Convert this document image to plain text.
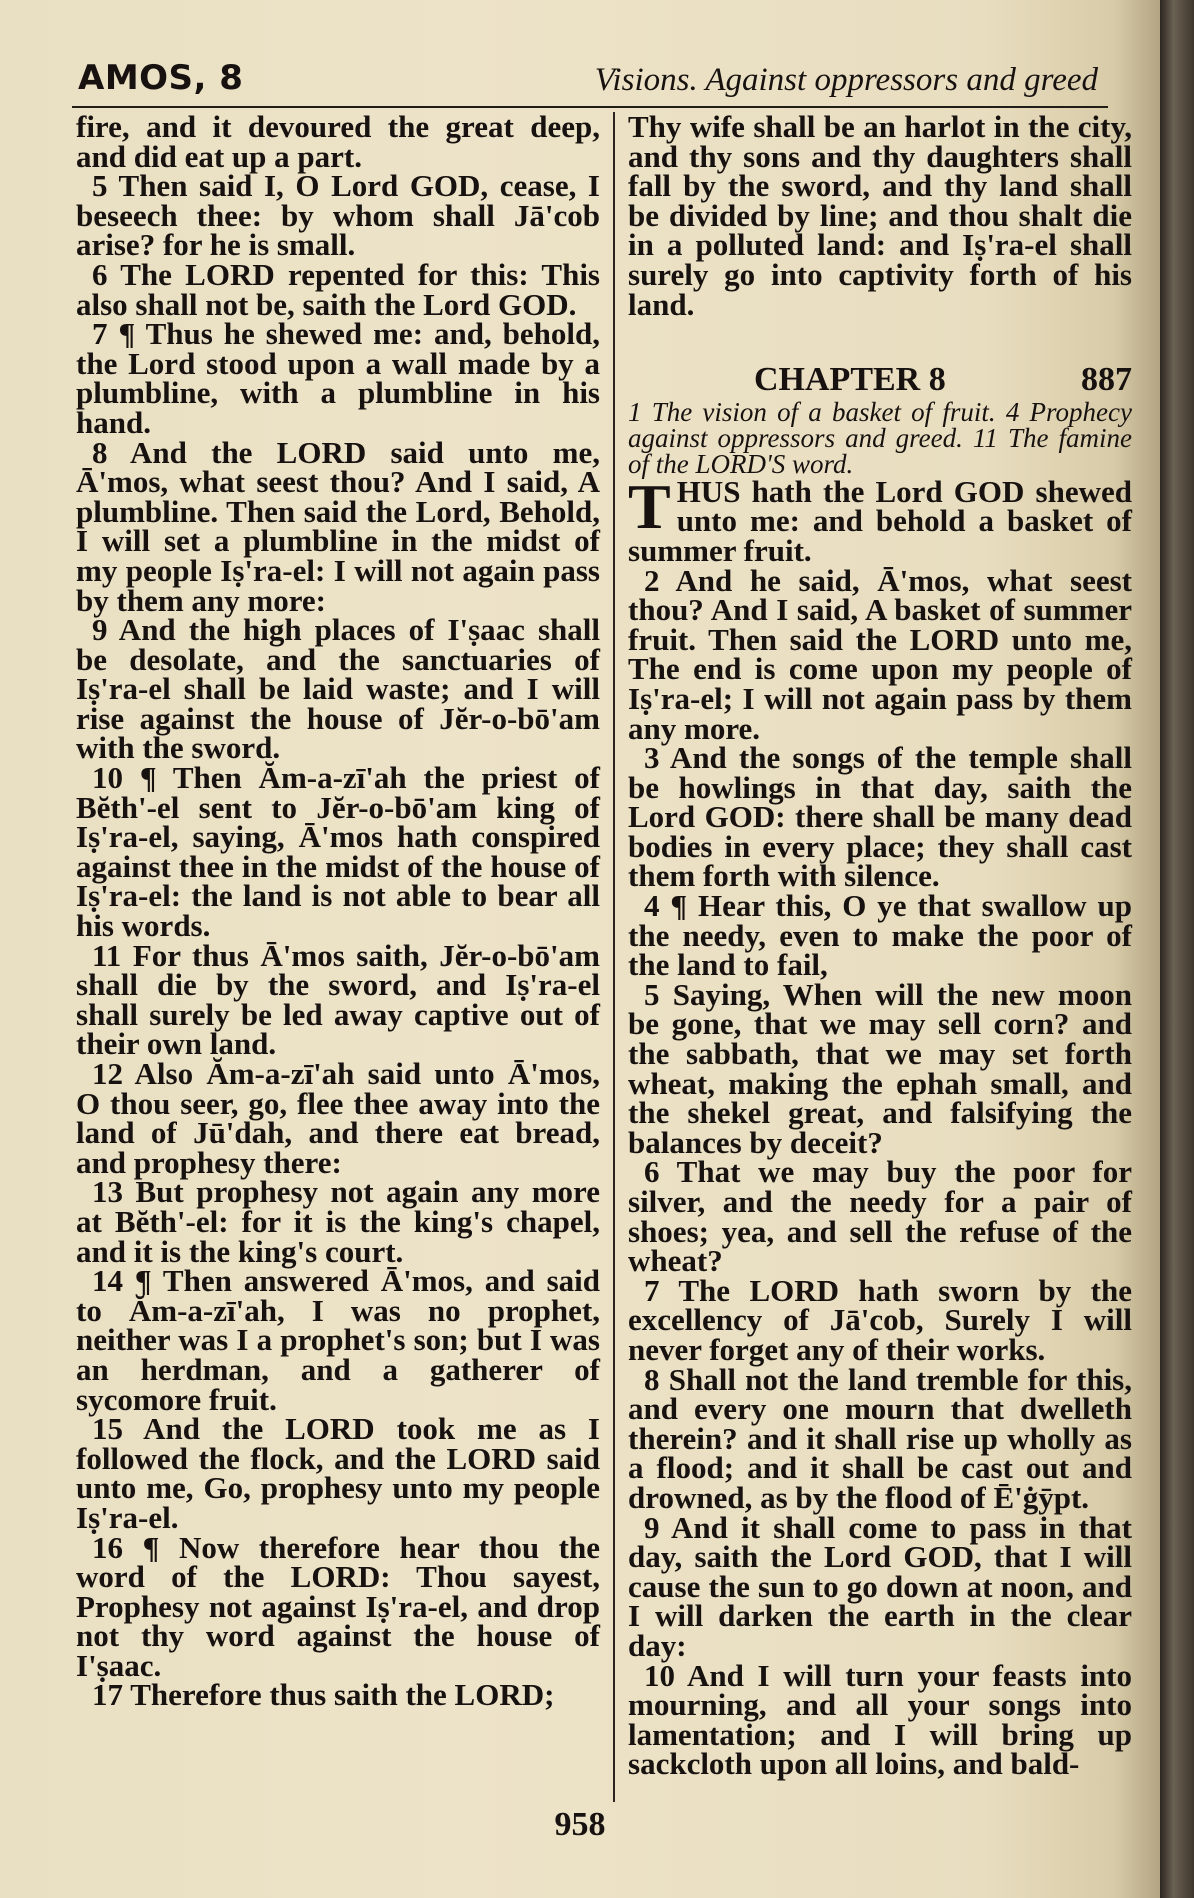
AMOS, 8	Visions. Against oppressors and greed

fire, and it devoured the great deep, and did eat up a part.

5 Then said I, O Lord GOD, cease, I beseech thee: by whom shall Jā'cob arise? for he is small.

6 The LORD repented for this: This also shall not be, saith the Lord GOD.

7 ¶ Thus he shewed me: and, behold, the Lord stood upon a wall made by a plumbline, with a plumbline in his hand.

8 And the LORD said unto me, Ā'mos, what seest thou? And I said, A plumbline. Then said the Lord, Behold, I will set a plumbline in the midst of my people Iṣ'ra-el: I will not again pass by them any more:

9 And the high places of I'ṣaac shall be desolate, and the sanctuaries of Iṣ'ra-el shall be laid waste; and I will rise against the house of Jĕr-o-bō'am with the sword.

10 ¶ Then Ăm-a-zī'ah the priest of Bĕth'-el sent to Jĕr-o-bō'am king of Iṣ'ra-el, saying, Ā'mos hath conspired against thee in the midst of the house of Iṣ'ra-el: the land is not able to bear all his words.

11 For thus Ā'mos saith, Jĕr-o-bō'am shall die by the sword, and Iṣ'ra-el shall surely be led away captive out of their own land.

12 Also Ăm-a-zī'ah said unto Ā'mos, O thou seer, go, flee thee away into the land of Jū'dah, and there eat bread, and prophesy there:

13 But prophesy not again any more at Bĕth'-el: for it is the king's chapel, and it is the king's court.

14 ¶ Then answered Ā'mos, and said to Ăm-a-zī'ah, I was no prophet, neither was I a prophet's son; but I was an herdman, and a gatherer of sycomore fruit.

15 And the LORD took me as I followed the flock, and the LORD said unto me, Go, prophesy unto my people Iṣ'ra-el.

16 ¶ Now therefore hear thou the word of the LORD: Thou sayest, Prophesy not against Iṣ'ra-el, and drop not thy word against the house of I'ṣaac.

17 Therefore thus saith the LORD;

Thy wife shall be an harlot in the city, and thy sons and thy daughters shall fall by the sword, and thy land shall be divided by line; and thou shalt die in a polluted land: and Iṣ'ra-el shall surely go into captivity forth of his land.

CHAPTER 8	887

1 The vision of a basket of fruit. 4 Prophecy against oppressors and greed. 11 The famine of the LORD'S word.

THUS hath the Lord GOD shewed unto me: and behold a basket of summer fruit.

2 And he said, Ā'mos, what seest thou? And I said, A basket of summer fruit. Then said the LORD unto me, The end is come upon my people of Iṣ'ra-el; I will not again pass by them any more.

3 And the songs of the temple shall be howlings in that day, saith the Lord GOD: there shall be many dead bodies in every place; they shall cast them forth with silence.

4 ¶ Hear this, O ye that swallow up the needy, even to make the poor of the land to fail,

5 Saying, When will the new moon be gone, that we may sell corn? and the sabbath, that we may set forth wheat, making the ephah small, and the shekel great, and falsifying the balances by deceit?

6 That we may buy the poor for silver, and the needy for a pair of shoes; yea, and sell the refuse of the wheat?

7 The LORD hath sworn by the excellency of Jā'cob, Surely I will never forget any of their works.

8 Shall not the land tremble for this, and every one mourn that dwelleth therein? and it shall rise up wholly as a flood; and it shall be cast out and drowned, as by the flood of Ē'ġȳpt.

9 And it shall come to pass in that day, saith the Lord GOD, that I will cause the sun to go down at noon, and I will darken the earth in the clear day:

10 And I will turn your feasts into mourning, and all your songs into lamentation; and I will bring up sackcloth upon all loins, and bald-

958
